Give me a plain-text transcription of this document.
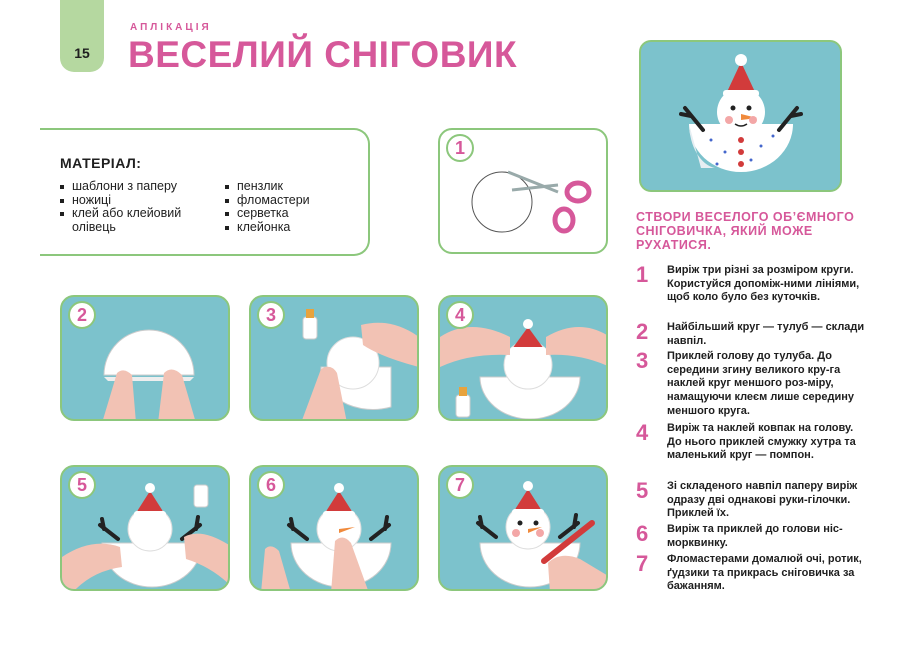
15
АПЛІКАЦІЯ
ВЕСЕЛИЙ СНІГОВИК
МАТЕРІАЛ:
шаблони з паперу
ножиці
клей або клейовий олівець
пензлик
фломастери
серветка
клейонка
1
2	3	4
5	6	7
СТВОРИ ВЕСЕЛОГО ОБ’ЄМНОГО СНІГОВИЧКА, ЯКИЙ МОЖЕ РУХАТИСЯ.
1 Виріж три різні за розміром круги. Користуйся допоміж-ними лініями, щоб коло було без куточків.
2 Найбільший круг — тулуб — склади навпіл.
3 Приклей голову до тулуба. До середини згину великого кру-га наклей круг меншого роз-міру, намащуючи клеєм лише середину меншого круга.
4 Виріж та наклей ковпак на голову. До нього приклей смужку хутра та маленький круг — помпон.
5 Зі складеного навпіл паперу виріж одразу дві однакові руки-гілочки. Приклей їх.
6 Виріж та приклей до голови ніс-морквинку.
7 Фломастерами домалюй очі, ротик, ґудзики та прикрась сніговичка за бажанням.
